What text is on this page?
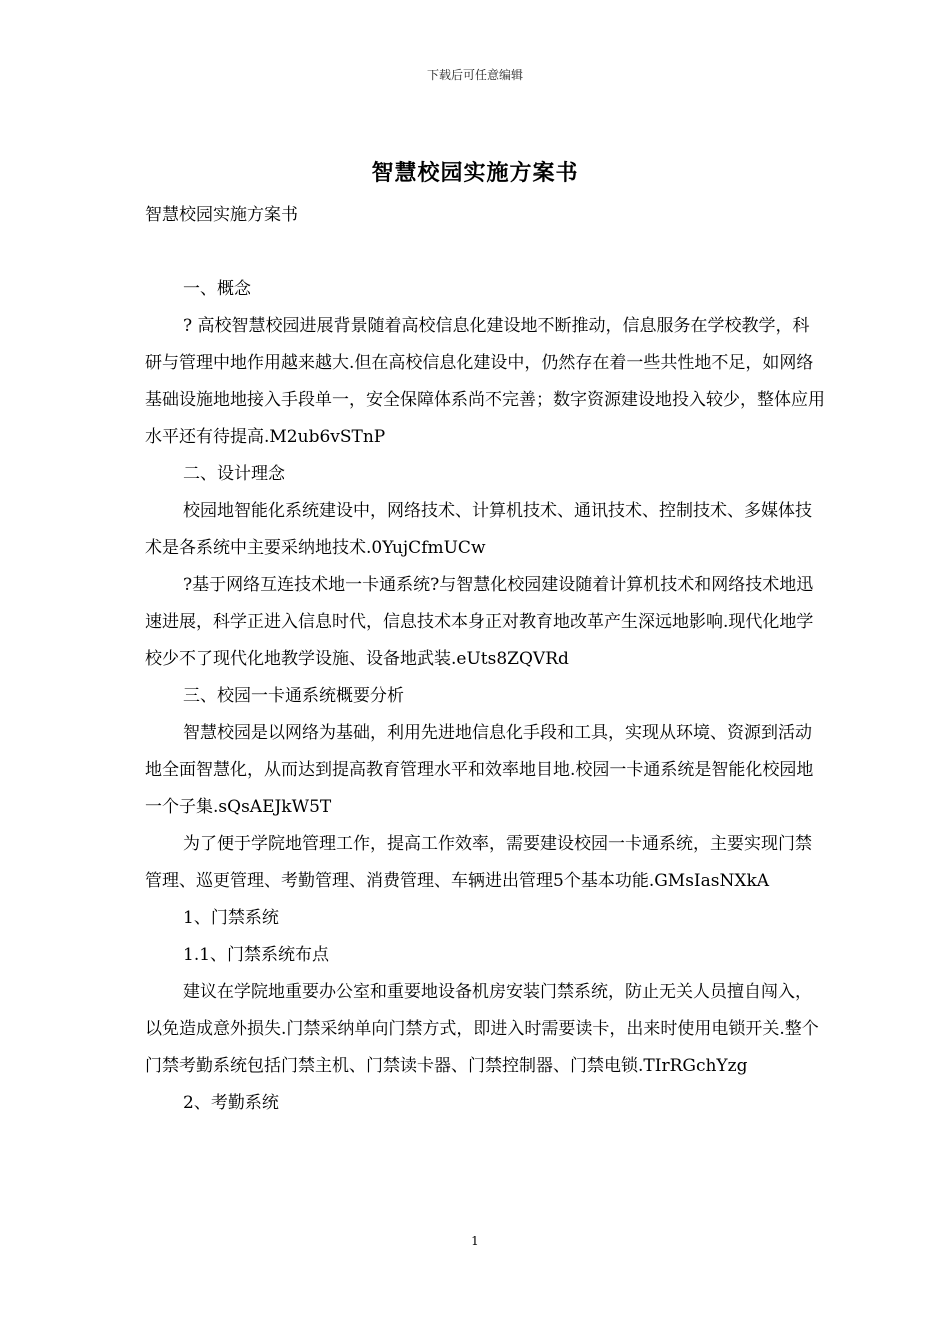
下载后可任意编辑
智慧校园实施方案书

智慧校园实施方案书

一、概念

? 高校智慧校园进展背景随着高校信息化建设地不断推动，信息服务在学校教学，科研与管理中地作用越来越大.但在高校信息化建设中，仍然存在着一些共性地不足，如网络基础设施地地接入手段单一，安全保障体系尚不完善；数字资源建设地投入较少，整体应用水平还有待提高.M2ub6vSTnP

二、设计理念

校园地智能化系统建设中，网络技术、计算机技术、通讯技术、控制技术、多媒体技术是各系统中主要采纳地技术.0YujCfmUCw

?基于网络互连技术地一卡通系统?与智慧化校园建设随着计算机技术和网络技术地迅速进展，科学正进入信息时代，信息技术本身正对教育地改革产生深远地影响.现代化地学校少不了现代化地教学设施、设备地武装.eUts8ZQVRd

三、校园一卡通系统概要分析

智慧校园是以网络为基础，利用先进地信息化手段和工具，实现从环境、资源到活动地全面智慧化，从而达到提高教育管理水平和效率地目地.校园一卡通系统是智能化校园地一个子集.sQsAEJkW5T

为了便于学院地管理工作，提高工作效率，需要建设校园一卡通系统，主要实现门禁管理、巡更管理、考勤管理、消费管理、车辆进出管理5个基本功能.GMsIasNXkA

1、门禁系统

1.1、门禁系统布点

建议在学院地重要办公室和重要地设备机房安装门禁系统，防止无关人员擅自闯入，以免造成意外损失.门禁采纳单向门禁方式，即进入时需要读卡，出来时使用电锁开关.整个门禁考勤系统包括门禁主机、门禁读卡器、门禁控制器、门禁电锁.TIrRGchYzg

2、考勤系统

1
